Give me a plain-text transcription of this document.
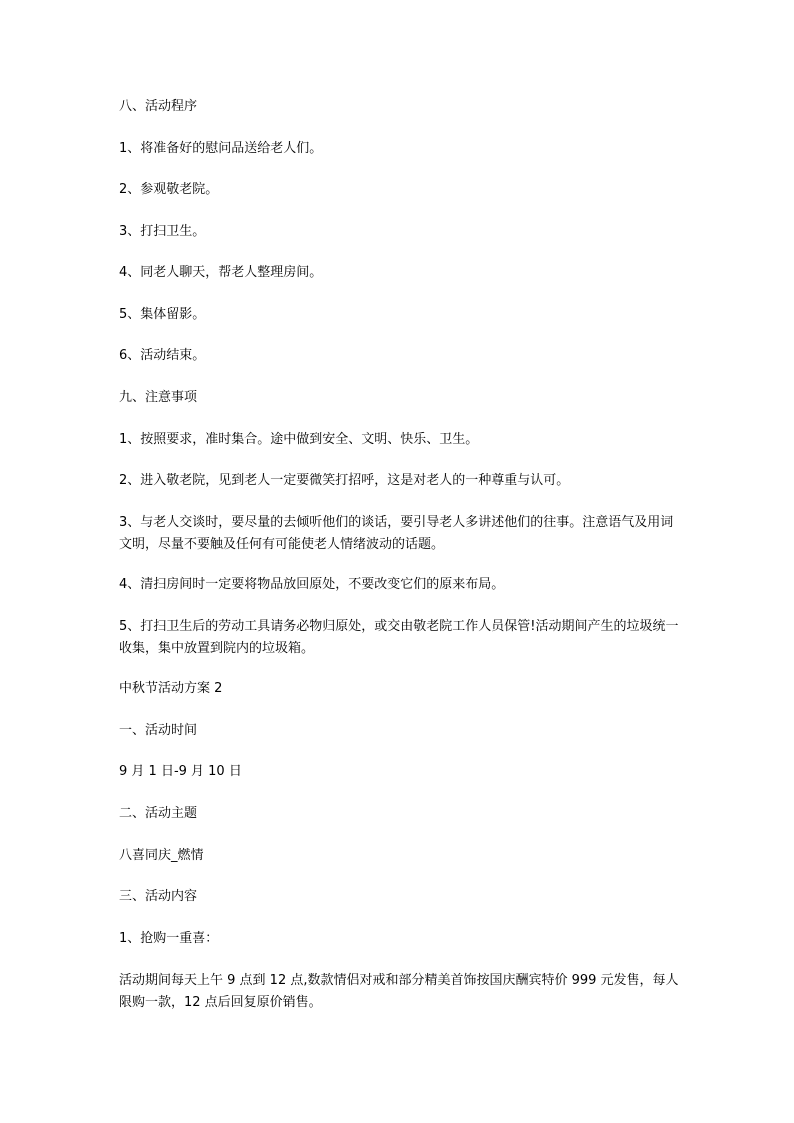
八、活动程序

1、将准备好的慰问品送给老人们。

2、参观敬老院。

3、打扫卫生。

4、同老人聊天，帮老人整理房间。

5、集体留影。

6、活动结束。

九、注意事项

1、按照要求，准时集合。途中做到安全、文明、快乐、卫生。

2、进入敬老院，见到老人一定要微笑打招呼，这是对老人的一种尊重与认可。

3、与老人交谈时，要尽量的去倾听他们的谈话，要引导老人多讲述他们的往事。注意语气及用词文明，尽量不要触及任何有可能使老人情绪波动的话题。

4、清扫房间时一定要将物品放回原处，不要改变它们的原来布局。

5、打扫卫生后的劳动工具请务必物归原处，或交由敬老院工作人员保管!活动期间产生的垃圾统一收集，集中放置到院内的垃圾箱。

中秋节活动方案 2

一、活动时间

9 月 1 日-9 月 10 日

二、活动主题

八喜同庆_燃情

三、活动内容

1、抢购一重喜：

活动期间每天上午 9 点到 12 点,数款情侣对戒和部分精美首饰按国庆酬宾特价 999 元发售，每人限购一款，12 点后回复原价销售。
